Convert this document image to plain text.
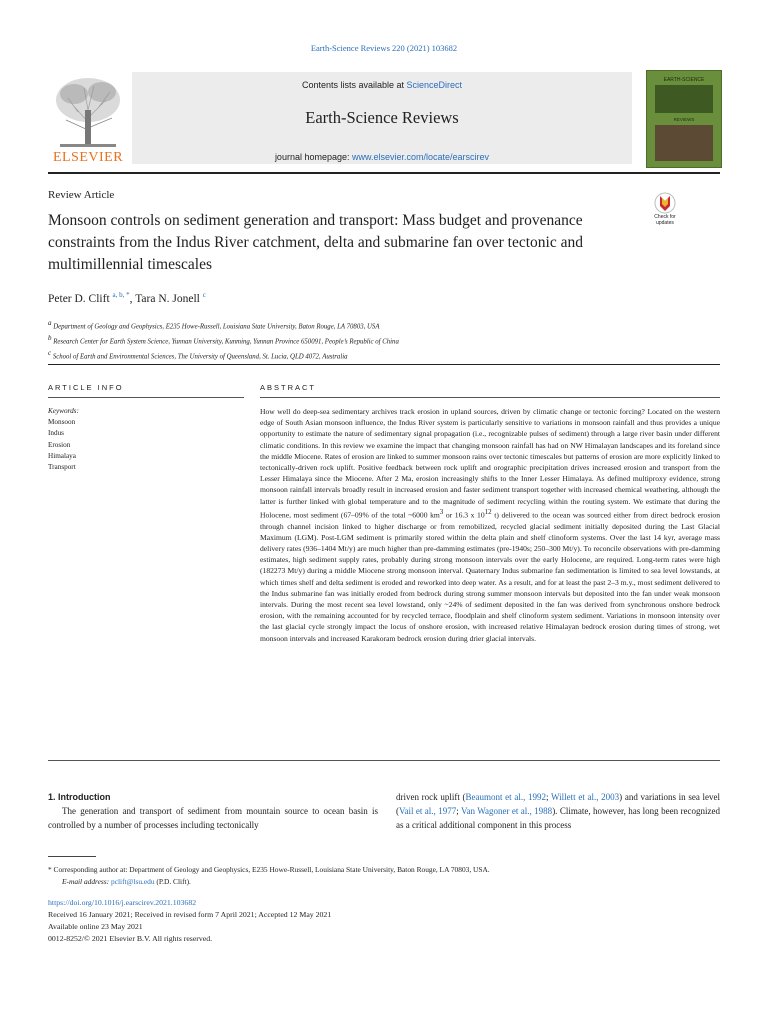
Earth-Science Reviews 220 (2021) 103682
ELSEVIER
Contents lists available at ScienceDirect
Earth-Science Reviews
journal homepage: www.elsevier.com/locate/earscirev
EARTH-SCIENCE
REVIEWS
Review Article
Check for
updates
Monsoon controls on sediment generation and transport: Mass budget and provenance constraints from the Indus River catchment, delta and submarine fan over tectonic and multimillennial timescales
Peter D. Clift $^{a, b, *}$, Tara N. Jonell $^c$
$^a$ Department of Geology and Geophysics, E235 Howe-Russell, Louisiana State University, Baton Rouge, LA 70803, USA
$^b$ Research Center for Earth System Science, Yunnan University, Kunming, Yunnan Province 650091, People’s Republic of China
$^c$ School of Earth and Environmental Sciences, The University of Queensland, St. Lucia, QLD 4072, Australia
ARTICLE INFO	ABSTRACT
Keywords:
Monsoon
Indus
Erosion
Himalaya
Transport
How well do deep-sea sedimentary archives track erosion in upland sources, driven by climatic change or tectonic forcing? Located on the western edge of South Asian monsoon influence, the Indus River system is particularly sensitive to variations in monsoon rainfall and thus provides a unique opportunity to estimate the nature of sedimentary signal propagation (i.e., recognizable pulses of sediment) through a large river basin under different climatic conditions. In this review we examine the impact that changing monsoon rainfall has had on NW Himalayan landscapes and its foreland since the middle Miocene. Rates of erosion are linked to summer monsoon rains over tectonic timescales but patterns of erosion are more explicitly linked to tectonically-driven rock uplift. Positive feedback between rock uplift and orographic precipitation drives increased erosion and transport from the Lesser Himalaya since the Miocene. After 2 Ma, erosion increasingly shifts to the Inner Lesser Himalaya. As defined multiproxy evidence, strong monsoon rainfall intervals broadly result in increased erosion and faster sediment transport together with increased chemical weathering, although the latter is further linked with global temperature and to the magnitude of sediment recycling within the routing system. We estimate that during the Holocene, most sediment (67–09% of the total ~6000 $km^3$ or 16.3 x $10^{12}$ t) delivered to the ocean was sourced either from direct bedrock erosion through channel incision linked to higher discharge or from remobilized, recycled glacial sediment initially deposited during the Last Glacial Maximum (LGM). Post-LGM sediment is primarily stored within the delta plain and shelf clinoform systems. Over the last 14 kyr, average mass delivery rates (936–1404 Mt/y) are much higher than pre-damming estimates (pre-1940s; 250–300 Mt/y). To reconcile observations with pre-damming estimates, high sediment supply rates, probably during strong monsoon intervals over the early Holocene, are required. Long-term rates were high (182273 Mt/y) during a middle Miocene strong monsoon interval. Quaternary Indus submarine fan sedimentation is limited to sea level lowstands, at which times shelf and delta sediment is eroded and reworked into deep water. As a result, and for at least the past 2–3 m.y., most sediment delivered to the Indus submarine fan was initially eroded from bedrock during strong summer monsoon intervals but deposited into the fan under weak monsoon intervals. During the most recent sea level lowstand, only ~24% of sediment deposited in the fan was derived from synchronous onshore bedrock erosion, with the remaining accounted for by recycled terrace, floodplain and shelf clinoform system sediment. Variations in monsoon intensity over the last glacial cycle strongly impact the locus of onshore erosion, with increased relative Himalayan bedrock erosion during times of strong, wet monsoon intervals and increased Karakoram bedrock erosion during drier glacial intervals.
1. Introduction
The generation and transport of sediment from mountain source to ocean basin is controlled by a number of processes including tectonically
driven rock uplift (Beaumont et al., 1992; Willett et al., 2003) and variations in sea level (Vail et al., 1977; Van Wagoner et al., 1988). Climate, however, has long been recognized as a critical additional component in this process
* Corresponding author at: Department of Geology and Geophysics, E235 Howe-Russell, Louisiana State University, Baton Rouge, LA 70803, USA.
E-mail address: pclift@lsu.edu (P.D. Clift).
https://doi.org/10.1016/j.earscirev.2021.103682
Received 16 January 2021; Received in revised form 7 April 2021; Accepted 12 May 2021
Available online 23 May 2021
0012-8252/© 2021 Elsevier B.V. All rights reserved.
